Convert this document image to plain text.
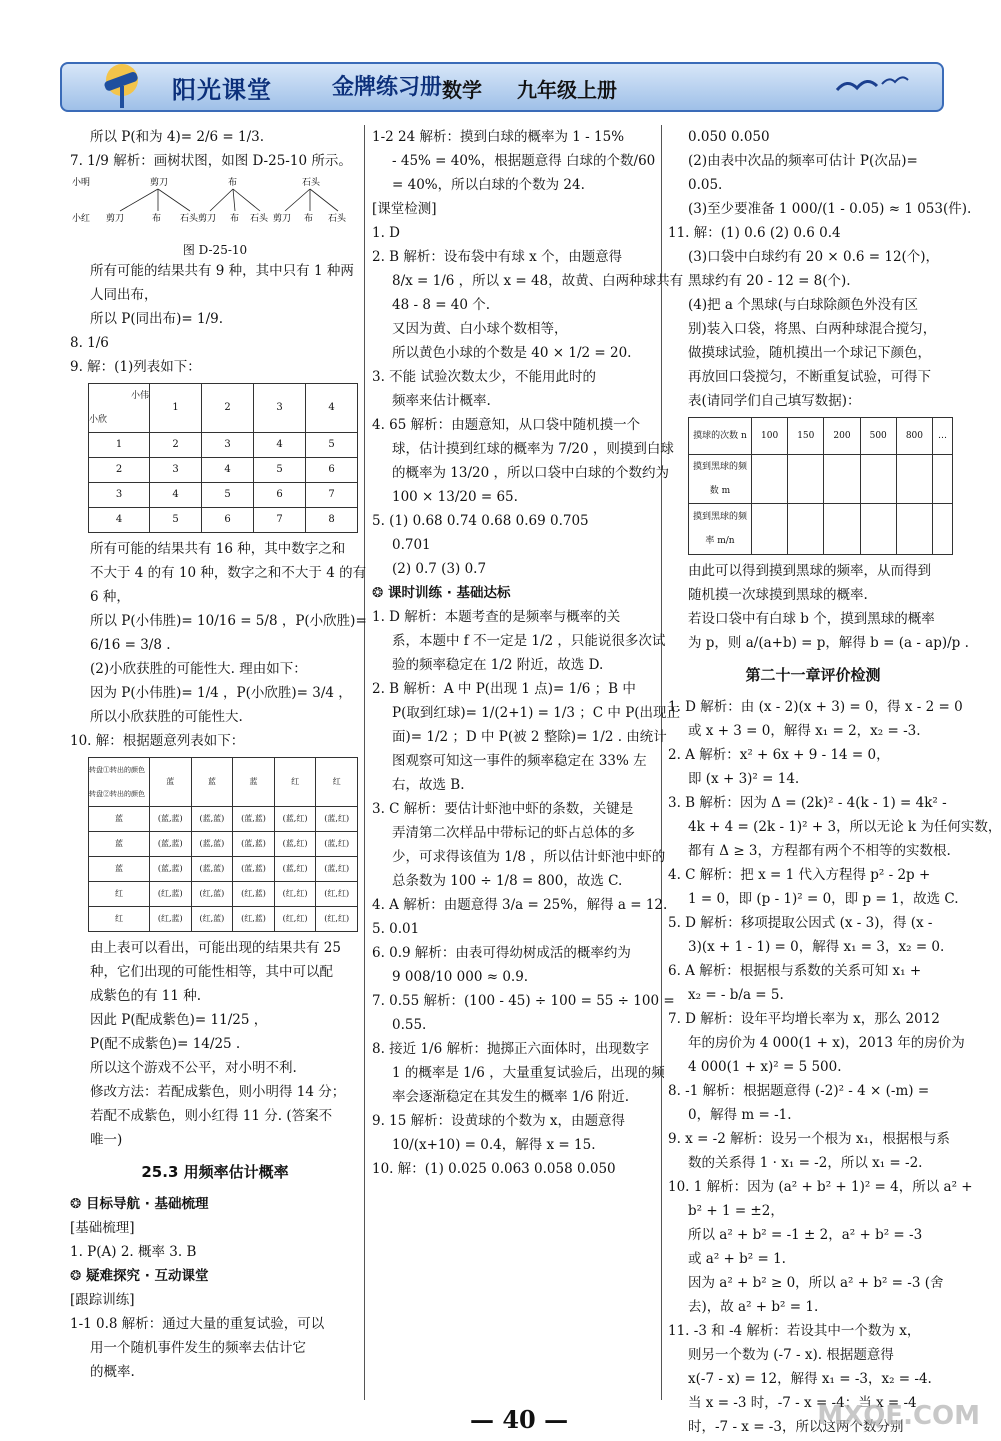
阳光课堂	金牌练习册 数学 九年级上册
所以 P(和为 4)= 2/6 = 1/3.
7. 1/9 解析：画树状图，如图 D-25-10 所示。
小明
小红
剪刀	布	石头
剪刀	布 石头 剪刀 布 石头 剪刀 布 石头
图 D-25-10
所有可能的结果共有 9 种，其中只有 1 种两
人同出布，
所以 P(同出布)= 1/9.
8. 1/6
9. 解：(1)列表如下：
小伟

小欣	1	2	3	4
1	2	3	4	5
2	3	4	5	6
3	4	5	6	7
4	5	6	7	8
所有可能的结果共有 16 种，其中数字之和
不大于 4 的有 10 种，数字之和不大于 4 的有
6 种，
所以 P(小伟胜)= 10/16 = 5/8 ，P(小欣胜)=
6/16 = 3/8 .
(2)小欣获胜的可能性大. 理由如下：
因为 P(小伟胜)= 1/4 ，P(小欣胜)= 3/4 ，
所以小欣获胜的可能性大.
10. 解：根据题意列表如下：
转盘①转出的颜色
转盘②转出的颜色	蓝	蓝	蓝	红	红
蓝	(蓝,蓝)	(蓝,蓝)	(蓝,蓝)	(蓝,红)	(蓝,红)
蓝	(蓝,蓝)	(蓝,蓝)	(蓝,蓝)	(蓝,红)	(蓝,红)
蓝	(蓝,蓝)	(蓝,蓝)	(蓝,蓝)	(蓝,红)	(蓝,红)
红	(红,蓝)	(红,蓝)	(红,蓝)	(红,红)	(红,红)
红	(红,蓝)	(红,蓝)	(红,蓝)	(红,红)	(红,红)
由上表可以看出，可能出现的结果共有 25
种，它们出现的可能性相等，其中可以配
成紫色的有 11 种.
因此 P(配成紫色)= 11/25 ，
P(配不成紫色)= 14/25 .
所以这个游戏不公平，对小明不利.
修改方法：若配成紫色，则小明得 14 分；
若配不成紫色，则小红得 11 分. (答案不
唯一)
25.3 用频率估计概率
❂ 目标导航 · 基础梳理
[基础梳理]
1. P(A) 2. 概率 3. B
❂ 疑难探究 · 互动课堂
[跟踪训练]
1-1 0.8 解析：通过大量的重复试验，可以
用一个随机事件发生的频率去估计它
的概率.
1-2 24 解析：摸到白球的概率为 1 - 15%
- 45% = 40%，根据题意得 白球的个数/60
= 40%，所以白球的个数为 24.
[课堂检测]
1. D
2. B 解析：设布袋中有球 x 个，由题意得
8/x = 1/6 ，所以 x = 48，故黄、白两种球共有
48 - 8 = 40 个.
又因为黄、白小球个数相等，
所以黄色小球的个数是 40 × 1/2 = 20.
3. 不能 试验次数太少，不能用此时的
频率来估计概率.
4. 65 解析：由题意知，从口袋中随机摸一个
球，估计摸到红球的概率为 7/20 ，则摸到白球
的概率为 13/20 ，所以口袋中白球的个数约为
100 × 13/20 = 65.
5. (1) 0.68 0.74 0.68 0.69 0.705
0.701
(2) 0.7 (3) 0.7
❂ 课时训练 · 基础达标
1. D 解析：本题考查的是频率与概率的关
系，本题中 f 不一定是 1/2 ，只能说很多次试
验的频率稳定在 1/2 附近，故选 D.
2. B 解析：A 中 P(出现 1 点)= 1/6 ；B 中
P(取到红球)= 1/(2+1) = 1/3 ；C 中 P(出现正
面)= 1/2 ；D 中 P(被 2 整除)= 1/2 . 由统计
图观察可知这一事件的频率稳定在 33% 左
右，故选 B.
3. C 解析：要估计虾池中虾的条数，关键是
弄清第二次样品中带标记的虾占总体的多
少，可求得该值为 1/8 ，所以估计虾池中虾的
总条数为 100 ÷ 1/8 = 800，故选 C.
4. A 解析：由题意得 3/a = 25%，解得 a = 12.
5. 0.01
6. 0.9 解析：由表可得幼树成活的概率约为
9 008/10 000 ≈ 0.9.
7. 0.55 解析：(100 - 45) ÷ 100 = 55 ÷ 100 =
0.55.
8. 接近 1/6 解析：抛掷正六面体时，出现数字
1 的概率是 1/6 ，大量重复试验后，出现的频
率会逐渐稳定在其发生的概率 1/6 附近.
9. 15 解析：设黄球的个数为 x，由题意得
10/(x+10) = 0.4，解得 x = 15.
10. 解：(1) 0.025 0.063 0.058 0.050
0.050 0.050
(2)由表中次品的频率可估计 P(次品)=
0.05.
(3)至少要准备 1 000/(1 - 0.05) ≈ 1 053(件).
11. 解：(1) 0.6 (2) 0.6 0.4
(3)口袋中白球约有 20 × 0.6 = 12(个)，
黑球约有 20 - 12 = 8(个).
(4)把 a 个黑球(与白球除颜色外没有区
别)装入口袋，将黑、白两种球混合搅匀，
做摸球试验，随机摸出一个球记下颜色，
再放回口袋搅匀，不断重复试验，可得下
表(请同学们自己填写数据)：
摸球的次数 n	100	150	200	500	800	…
摸到黑球的频数 m						
摸到黑球的频率 m/n						
由此可以得到摸到黑球的频率，从而得到
随机摸一次球摸到黑球的概率.
若设口袋中有白球 b 个，摸到黑球的概率
为 p，则 a/(a+b) = p，解得 b = (a - ap)/p .
第二十一章评价检测
1. D 解析：由 (x - 2)(x + 3) = 0，得 x - 2 = 0
或 x + 3 = 0，解得 x₁ = 2，x₂ = -3.
2. A 解析：x² + 6x + 9 - 14 = 0，
即 (x + 3)² = 14.
3. B 解析：因为 Δ = (2k)² - 4(k - 1) = 4k² -
4k + 4 = (2k - 1)² + 3，所以无论 k 为任何实数，
都有 Δ ≥ 3，方程都有两个不相等的实数根.
4. C 解析：把 x = 1 代入方程得 p² - 2p +
1 = 0，即 (p - 1)² = 0，即 p = 1，故选 C.
5. D 解析：移项提取公因式 (x - 3)，得 (x -
3)(x + 1 - 1) = 0，解得 x₁ = 3，x₂ = 0.
6. A 解析：根据根与系数的关系可知 x₁ +
x₂ = - b/a = 5.
7. D 解析：设年平均增长率为 x，那么 2012
年的房价为 4 000(1 + x)，2013 年的房价为
4 000(1 + x)² = 5 500.
8. -1 解析：根据题意得 (-2)² - 4 × (-m) =
0，解得 m = -1.
9. x = -2 解析：设另一个根为 x₁，根据根与系
数的关系得 1 · x₁ = -2，所以 x₁ = -2.
10. 1 解析：因为 (a² + b² + 1)² = 4，所以 a² +
b² + 1 = ±2，
所以 a² + b² = -1 ± 2，a² + b² = -3
或 a² + b² = 1.
因为 a² + b² ≥ 0，所以 a² + b² = -3 (舍
去)，故 a² + b² = 1.
11. -3 和 -4 解析：若设其中一个数为 x，
则另一个数为 (-7 - x). 根据题意得
x(-7 - x) = 12，解得 x₁ = -3，x₂ = -4.
当 x = -3 时，-7 - x = -4；当 x = -4
时，-7 - x = -3，所以这两个数分别
— 40 —	MXQE.COM
